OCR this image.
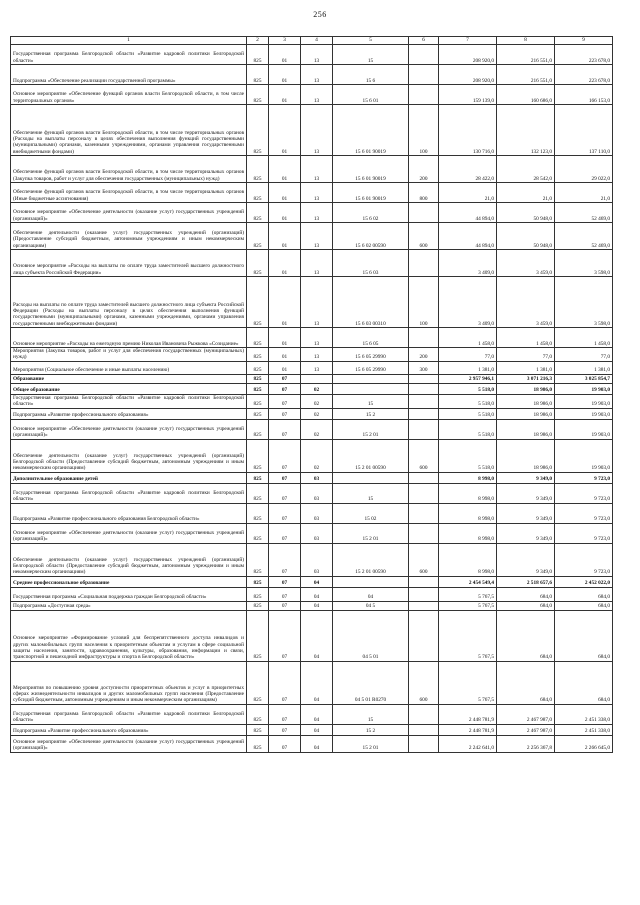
256
1	2	3	4	5	6	7	8	9
Государственная программа Белгородской области «Развитие кадровой политики Белгородской области»	825	01	13	15		208 920,0	216 551,0	223 678,0
Подпрограмма «Обеспечение реализации государственной программы»	825	01	13	15 6		208 920,0	216 551,0	223 678,0
Основное мероприятие «Обеспечение функций органов власти Белгородской области, в том числе территориальных органов»	825	01	13	15 6 01		159 139,0	160 686,0	166 153,0
Обеспечение функций органов власти Белгородской области, в том числе территориальных органов (Расходы на выплаты персоналу в целях обеспечения выполнения функций государственными (муниципальными) органами, казенными учреждениями, органами управления государственными внебюджетными фондами)	825	01	13	15 6 01 90019	100	130 716,0	132 123,0	137 110,0
Обеспечение функций органов власти Белгородской области, в том числе территориальных органов (Закупка товаров, работ и услуг для обеспечения государственных (муниципальных) нужд)	825	01	13	15 6 01 90019	200	28 422,0	28 542,0	29 022,0
Обеспечение функций органов власти Белгородской области, в том числе территориальных органов (Иные бюджетные ассигнования)	825	01	13	15 6 01 90019	800	21,0	21,0	21,0
Основное мероприятие «Обеспечение деятельности (оказание услуг) государственных учреждений (организаций)»	825	01	13	15 6 02		44 894,0	50 948,0	52 469,0
Обеспечение деятельности (оказание услуг) государственных учреждений (организаций) (Предоставление субсидий бюджетным, автономным учреждениям и иным некоммерческим организациям)	825	01	13	15 6 02 00590	600	44 894,0	50 948,0	52 469,0
Основное мероприятие «Расходы на выплаты по оплате труда заместителей высшего должностного лица субъекта Российской Федерации»	825	01	13	15 6 03		3 409,0	3 459,0	3 598,0
Расходы на выплаты по оплате труда заместителей высшего должностного лица субъекта Российской Федерации (Расходы на выплаты персоналу в целях обеспечения выполнения функций государственными (муниципальными) органами, казенными учреждениями, органами управления государственными внебюджетными фондами)	825	01	13	15 6 03 00310	100	3 409,0	3 459,0	3 598,0
Основное мероприятие «Расходы на ежегодную премию Николая Ивановича Рыжкова «Созидание»	825	01	13	15 6 05		1 458,0	1 458,0	1 458,0
Мероприятия (Закупка товаров, работ и услуг для обеспечения государственных (муниципальных) нужд)	825	01	13	15 6 05 29990	200	77,0	77,0	77,0
Мероприятия (Социальное обеспечение и иные выплаты населению)	825	01	13	15 6 05 29990	300	1 381,0	1 381,0	1 381,0
Образование	825	07				2 957 946,1	3 071 216,3	3 025 854,7
Общее образование	825	07	02			5 518,0	18 986,0	19 903,0
Государственная программа Белгородской области «Развитие кадровой политики Белгородской области»	825	07	02	15		5 518,0	18 986,0	19 903,0
Подпрограмма «Развитие профессионального образования»	825	07	02	15 2		5 518,0	18 986,0	19 903,0
Основное мероприятие «Обеспечение деятельности (оказание услуг) государственных учреждений (организаций)»	825	07	02	15 2 01		5 518,0	18 986,0	19 903,0
Обеспечение деятельности (оказание услуг) государственных учреждений (организаций) Белгородской области (Предоставление субсидий бюджетным, автономным учреждениям и иным некоммерческим организациям)	825	07	02	15 2 01 00590	600	5 518,0	18 986,0	19 903,0
Дополнительное образование детей	825	07	03			8 998,0	9 349,0	9 723,0
Государственная программа Белгородской области «Развитие кадровой политики Белгородской области»	825	07	03	15		8 998,0	9 349,0	9 723,0
Подпрограмма «Развитие профессионального образования Белгородской области»	825	07	03	15 02		8 998,0	9 349,0	9 723,0
Основное мероприятие «Обеспечение деятельности (оказание услуг) государственных учреждений (организаций)»	825	07	03	15 2 01		8 998,0	9 349,0	9 723,0
Обеспечение деятельности (оказание услуг) государственных учреждений (организаций) Белгородской области (Предоставление субсидий бюджетным, автономным учреждениям и иным некоммерческим организациям)	825	07	03	15 2 01 00590	600	8 998,0	9 349,0	9 723,0
Среднее профессиональное образование	825	07	04			2 454 549,4	2 518 657,6	2 452 022,0
Государственная программа «Социальная поддержка граждан Белгородской области»	825	07	04	04		5 767,5	684,0	684,0
Подпрограмма «Доступная среда»	825	07	04	04 5		5 767,5	684,0	684,0
Основное мероприятие «Формирование условий для беспрепятственного доступа инвалидов и других маломобильных групп населения к приоритетным объектам и услугам в сфере социальной защиты населения, занятости, здравоохранения, культуры, образования, информации и связи, транспортной и пешеходной инфраструктуры и спорта в Белгородской области»	825	07	04	04 5 01		5 767,5	684,0	684,0
Мероприятия по повышению уровня доступности приоритетных объектов и услуг в приоритетных сферах жизнедеятельности инвалидов и других маломобильных групп населения (Предоставление субсидий бюджетным, автономным учреждениям и иным некоммерческим организациям)	825	07	04	04 5 01 R0270	600	5 767,5	684,0	684,0
Государственная программа Белгородской области «Развитие кадровой политики Белгородской области»	825	07	04	15		2 448 781,9	2 467 987,0	2 451 338,0
Подпрограмма «Развитие профессионального образования»	825	07	04	15 2		2 448 781,9	2 467 987,0	2 451 338,0
Основное мероприятие «Обеспечение деятельности (оказание услуг) государственных учреждений (организаций)»	825	07	04	15 2 01		2 242 641,0	2 256 367,8	2 266 645,0
